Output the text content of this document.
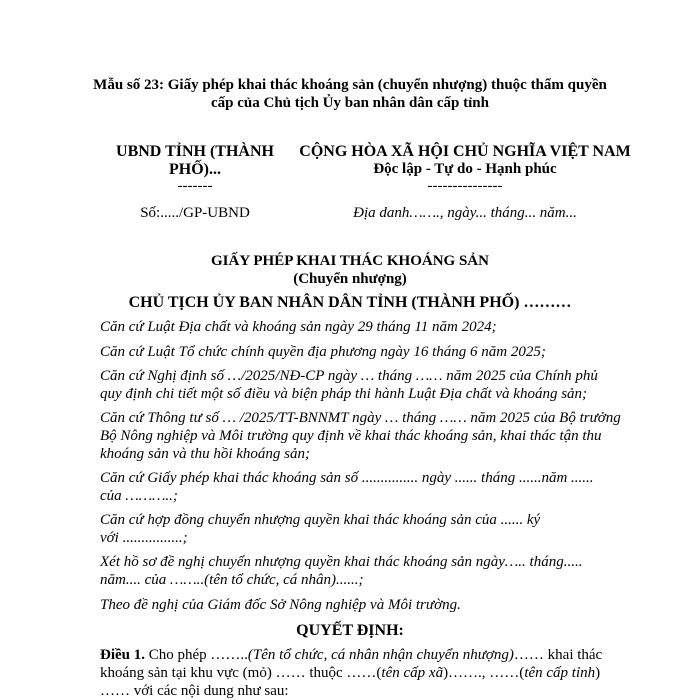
Mẫu số 23: Giấy phép khai thác khoáng sản (chuyển nhượng) thuộc thẩm quyền
cấp của Chủ tịch Ủy ban nhân dân cấp tỉnh
UBND TỈNH (THÀNH
PHỐ)...
-------
Số:...../GP-UBND
CỘNG HÒA XÃ HỘI CHỦ NGHĨA VIỆT NAM
Độc lập - Tự do - Hạnh phúc
---------------
Địa danh……., ngày... tháng... năm...
GIẤY PHÉP KHAI THÁC KHOÁNG SẢN
(Chuyển nhượng)
CHỦ TỊCH ỦY BAN NHÂN DÂN TỈNH (THÀNH PHỐ) ………
Căn cứ Luật Địa chất và khoáng sản ngày 29 tháng 11 năm 2024;
Căn cứ Luật Tổ chức chính quyền địa phương ngày 16 tháng 6 năm 2025;
Căn cứ Nghị định số …/2025/NĐ-CP ngày … tháng …… năm 2025 của Chính phủ
quy định chi tiết một số điều và biện pháp thi hành Luật Địa chất và khoáng sản;
Căn cứ Thông tư số … /2025/TT-BNNMT ngày … tháng …… năm 2025 của Bộ trưởng
Bộ Nông nghiệp và Môi trường quy định về khai thác khoáng sản, khai thác tận thu
khoáng sản và thu hồi khoáng sản;
Căn cứ Giấy phép khai thác khoáng sản số ............... ngày ...... tháng ......năm ......
của ………..;
Căn cứ hợp đồng chuyển nhượng quyền khai thác khoáng sản của ...... ký
với ................;
Xét hồ sơ đề nghị chuyển nhượng quyền khai thác khoáng sản ngày….. tháng.....
năm.... của ……..(tên tổ chức, cá nhân)......;
Theo đề nghị của Giám đốc Sở Nông nghiệp và Môi trường.
QUYẾT ĐỊNH:
Điều 1. Cho phép ……..(Tên tổ chức, cá nhân nhận chuyển nhượng)…… khai thác
khoáng sản tại khu vực (mỏ) …… thuộc ……(tên cấp xã)……., ……(tên cấp tỉnh)
…… với các nội dung như sau:
